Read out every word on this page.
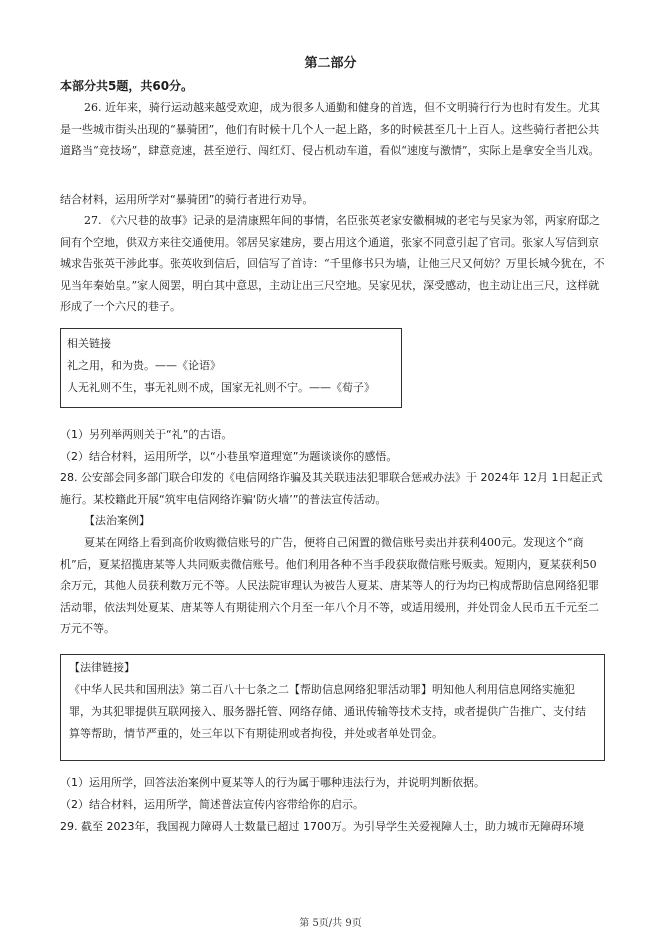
第二部分
本部分共5题，共60分。
26. 近年来，骑行运动越来越受欢迎，成为很多人通勤和健身的首选，但不文明骑行行为也时有发生。尤其是一些城市街头出现的“暴骑团”，他们有时候十几个人一起上路，多的时候甚至几十上百人。这些骑行者把公共道路当“竞技场”，肆意竞速，甚至逆行、闯红灯、侵占机动车道，看似“速度与激情”，实际上是拿安全当儿戏。
结合材料，运用所学对“暴骑团”的骑行者进行劝导。
27. 《六尺巷的故事》记录的是清康熙年间的事情，名臣张英老家安徽桐城的老宅与吴家为邻，两家府邸之间有个空地，供双方来往交通使用。邻居吴家建房，要占用这个通道，张家不同意引起了官司。张家人写信到京城求告张英干涉此事。张英收到信后，回信写了首诗：“千里修书只为墙，让他三尺又何妨？万里长城今犹在，不见当年秦始皇。”家人阅罢，明白其中意思，主动让出三尺空地。吴家见状，深受感动，也主动让出三尺，这样就形成了一个六尺的巷子。
相关链接
礼之用，和为贵。——《论语》
人无礼则不生，事无礼则不成，国家无礼则不宁。——《荀子》
（1）另列举两则关于“礼”的古语。
（2）结合材料，运用所学，以“小巷虽窄道理宽”为题谈谈你的感悟。
28. 公安部会同多部门联合印发的《电信网络诈骗及其关联违法犯罪联合惩戒办法》于 2024年 12月 1日起正式施行。某校籍此开展“筑牢电信网络诈骗‘防火墙’”的普法宣传活动。
【法治案例】
夏某在网络上看到高价收购微信账号的广告，便将自己闲置的微信账号卖出并获利400元。发现这个“商机”后，夏某招揽唐某等人共同贩卖微信账号。他们利用各种不当手段获取微信账号贩卖。短期内，夏某获利50余万元，其他人员获利数万元不等。人民法院审理认为被告人夏某、唐某等人的行为均已构成帮助信息网络犯罪活动罪，依法判处夏某、唐某等人有期徒刑六个月至一年八个月不等，或适用缓刑，并处罚金人民币五千元至二万元不等。
【法律链接】
《中华人民共和国刑法》第二百八十七条之二【帮助信息网络犯罪活动罪】明知他人利用信息网络实施犯罪，为其犯罪提供互联网接入、服务器托管、网络存储、通讯传输等技术支持，或者提供广告推广、支付结算等帮助，情节严重的，处三年以下有期徒刑或者拘役，并处或者单处罚金。
（1）运用所学，回答法治案例中夏某等人的行为属于哪种违法行为，并说明判断依据。
（2）结合材料，运用所学，简述普法宣传内容带给你的启示。
29. 截至 2023年，我国视力障碍人士数量已超过 1700万。为引导学生关爱视障人士，助力城市无障碍环境
第 5页/共 9页
